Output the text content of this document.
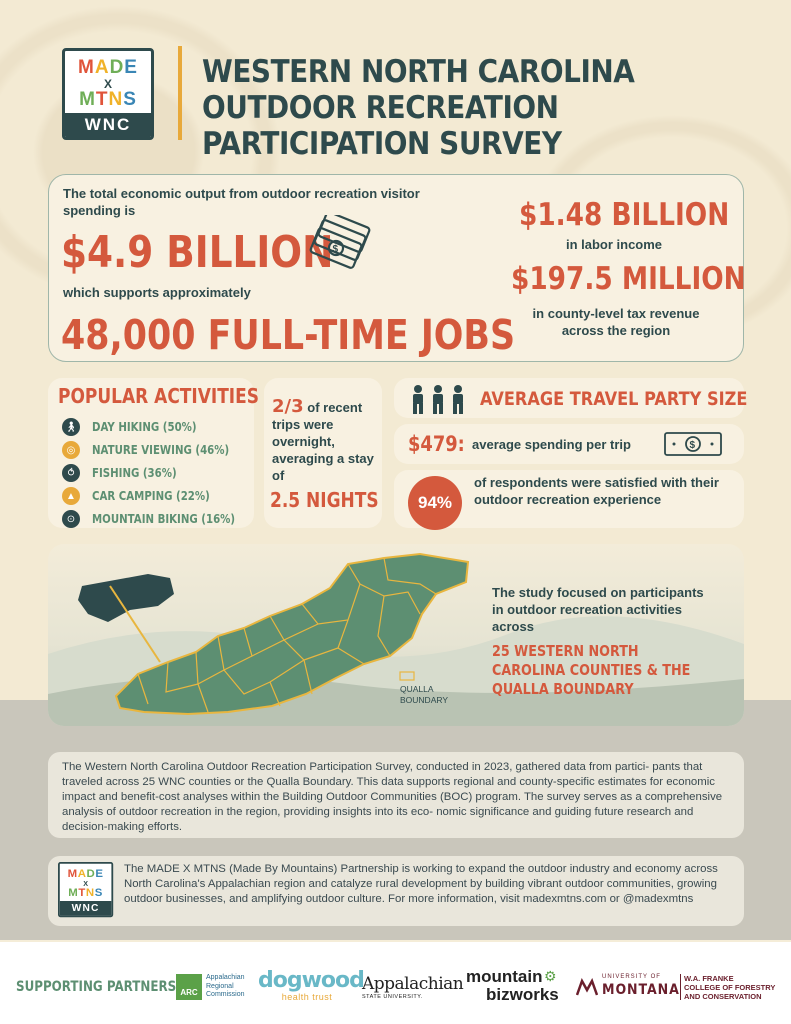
MADE
X
MTNS
WNC
WESTERN NORTH CAROLINA OUTDOOR RECREATION PARTICIPATION SURVEY
The total economic output from outdoor recreation visitor spending is
$4.9 BILLION $
which supports approximately
48,000 FULL-TIME JOBS
$1.48 BILLION
in labor income
$197.5 MILLION
in county-level tax revenue across the region
POPULAR ACTIVITIES
🚶︎ DAY HIKING (50%)
◎	NATURE VIEWING (46%)
⥀	FISHING (36%)
▲	CAR CAMPING (22%)
⊙	MOUNTAIN BIKING (16%)
2/3 of recent trips were overnight, averaging a stay of
2.5 NIGHTS
AVERAGE TRAVEL PARTY SIZE
$479: average spending per trip	$
94%
of respondents were satisfied with their outdoor recreation experience
QUALLA
BOUNDARY
The study focused on participants in outdoor recreation activities across
25 WESTERN NORTH CAROLINA COUNTIES & THE QUALLA BOUNDARY

The Western North Carolina Outdoor Recreation Participation Survey, conducted in 2023, gathered data from partici- pants that traveled across 25 WNC counties or the Qualla Boundary. This data supports regional and county-specific estimates for economic impact and benefit-cost analyses within the Building Outdoor Communities (BOC) program. The survey serves as a comprehensive analysis of outdoor recreation in the region, providing insights into its eco- nomic significance and guiding future research and decision-making efforts.

MADE
X
MTNS
WNC

The MADE X MTNS (Made By Mountains) Partnership is working to expand the outdoor industry and economy across North Carolina's Appalachian region and catalyze rural development by building vibrant outdoor communities, growing outdoor businesses, and amplifying outdoor culture. For more information, visit madexmtns.com or @madexmtns

SUPPORTING PARTNERS ARC
Appalachian
Regional
Commission
dogwood
health trust
Appalachian
STATE UNIVERSITY.
mountain
bizworks
⚙	UNIVERSITY OF
MONTANA
W.A. FRANKE
COLLEGE OF FORESTRY
AND CONSERVATION
